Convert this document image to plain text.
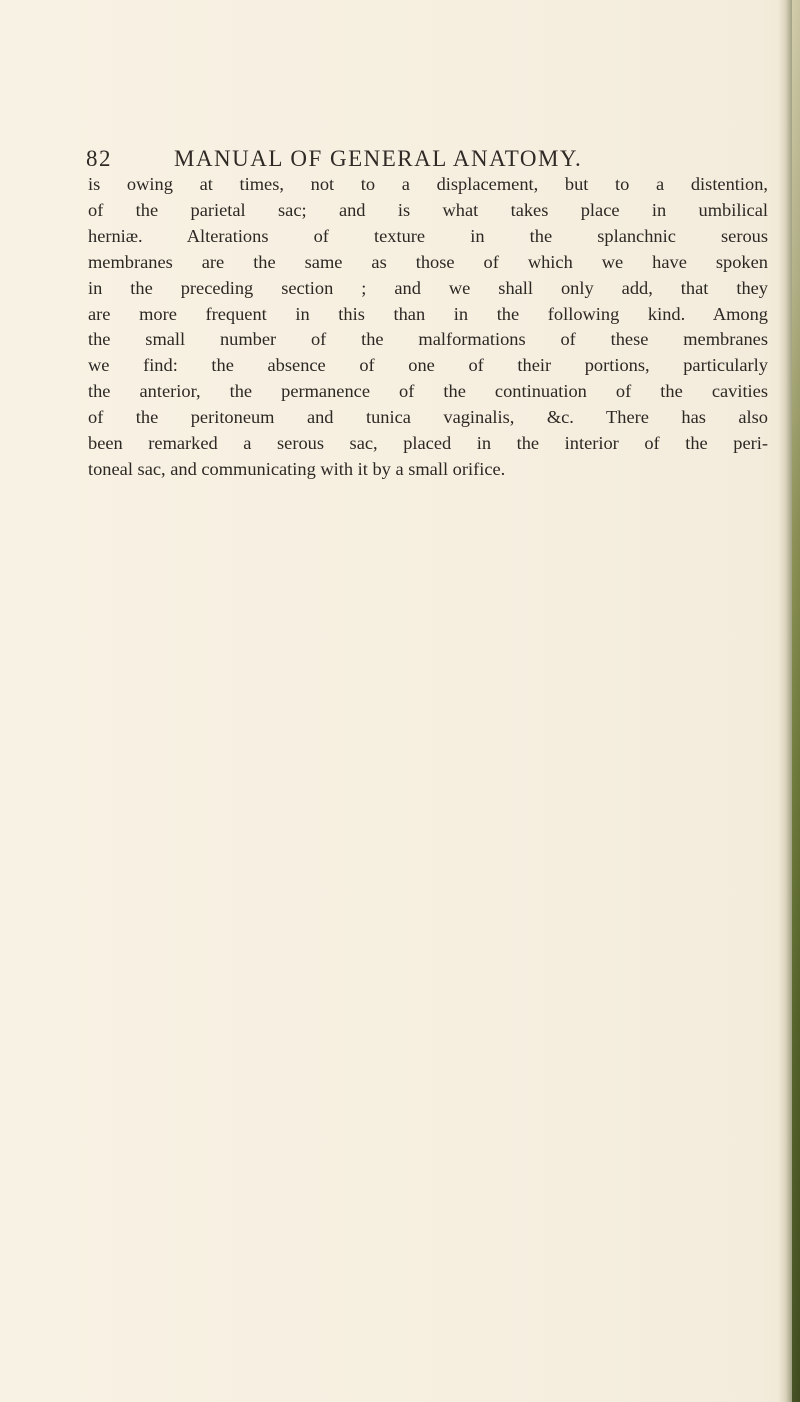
82	MANUAL OF GENERAL ANATOMY.
is owing at times, not to a displacement, but to a distention,
of the parietal sac; and is what takes place in umbilical
herniæ. Alterations of texture in the splanchnic serous
membranes are the same as those of which we have spoken
in the preceding section ; and we shall only add, that they
are more frequent in this than in the following kind. Among
the small number of the malformations of these membranes
we find: the absence of one of their portions, particularly
the anterior, the permanence of the continuation of the cavities
of the peritoneum and tunica vaginalis, &c. There has also
been remarked a serous sac, placed in the interior of the peri-
toneal sac, and communicating with it by a small orifice.
